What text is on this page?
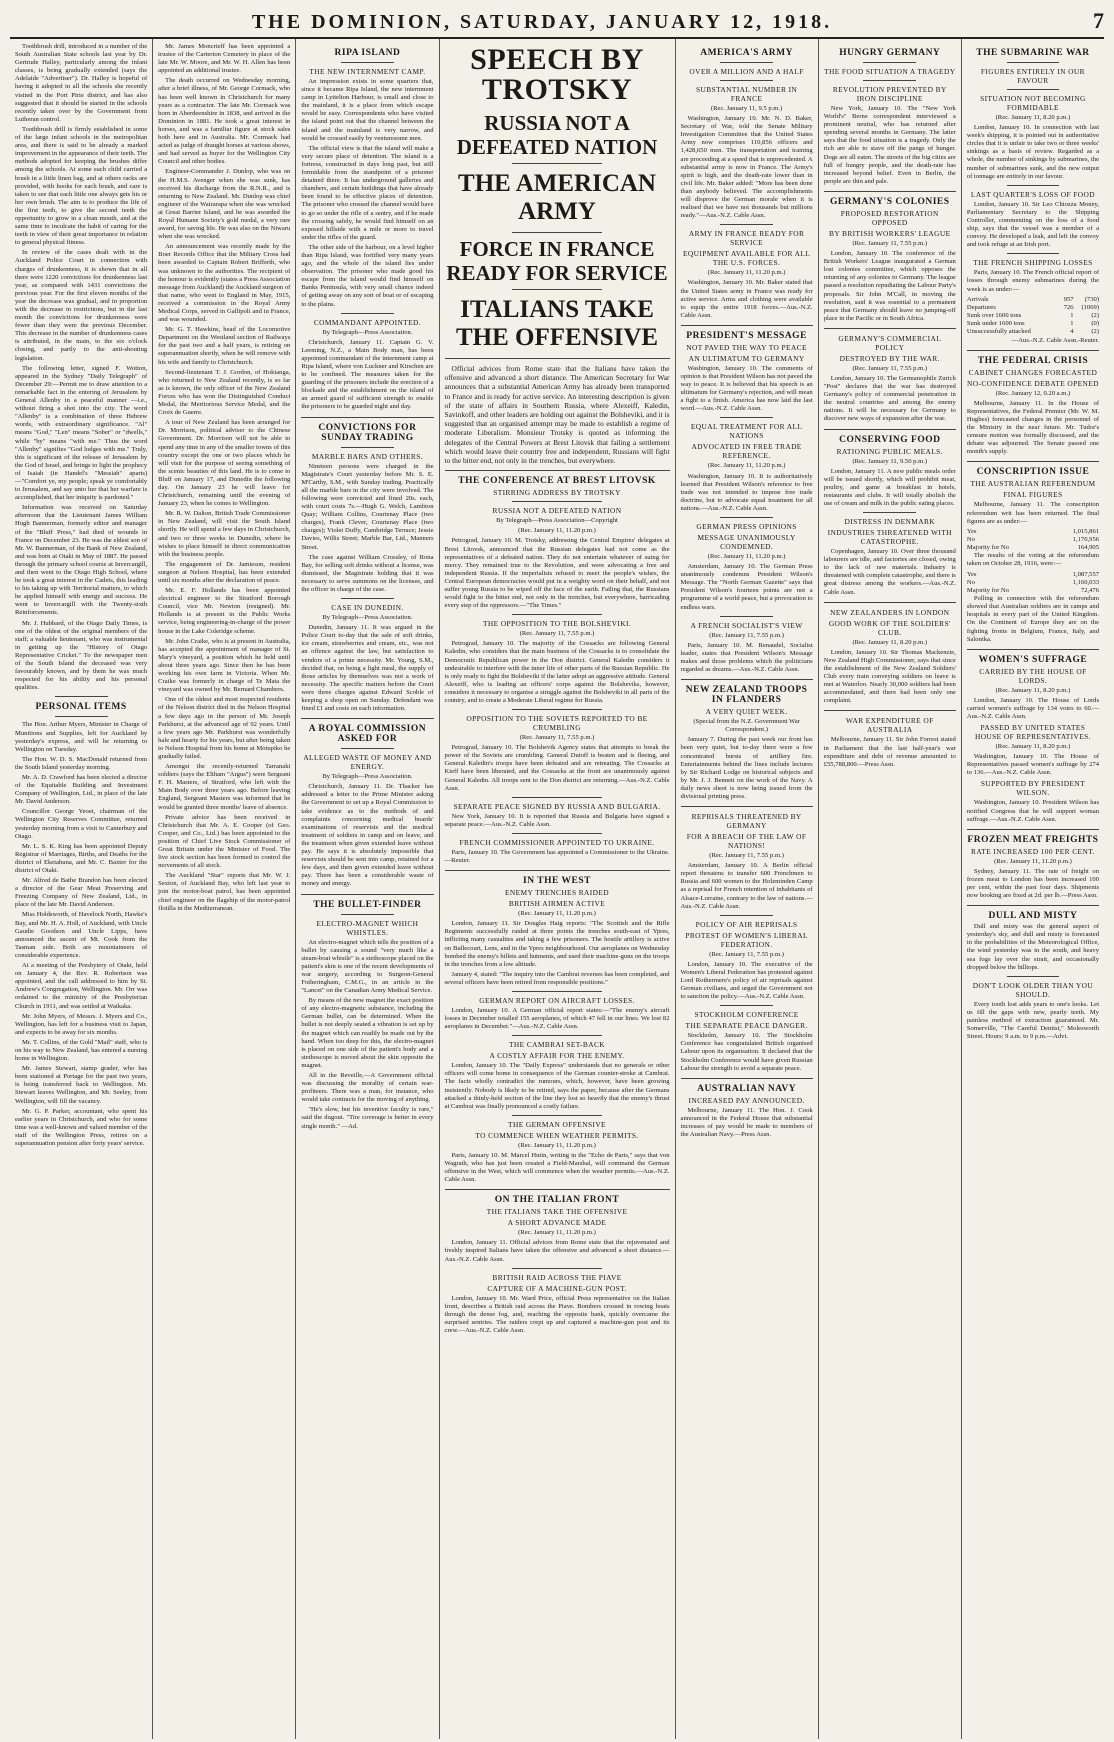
THE DOMINION, SATURDAY, JANUARY 12, 1918.	7

Toothbrush drill, introduced in a number of the South Australian State schools last year by Dr. Gertrude Halley, particularly among the infant classes, is being gradually extended (says the Adelaide "Advertiser"). Dr. Halley is hopeful of having it adopted in all the schools she recently visited in the Port Pirie district, and has also suggested that it should be started in the schools recently taken over by the Government from Lutheran control.

Toothbrush drill is firmly established in some of the large infant schools in the metropolitan area, and there is said to be already a marked improvement in the appearance of their teeth. The methods adopted for keeping the brushes differ among the schools. At some each child carried a brush in a little linen bag, and at others racks are provided, with hooks for each brush, and care is taken to see that each little one always gets his or her own brush. The aim is to produce the life of the first teeth, to give the second teeth the opportunity to grow in a clean mouth, and at the same time to inculcate the habit of caring for the teeth in view of their great importance in relation to general physical fitness.

In review of the cases dealt with in the Auckland Police Court in connection with charges of drunkenness, it is shown that in all there were 1220 convictions for drunkenness last year, as compared with 1431 convictions the previous year. For the first eleven months of the year the decrease was gradual, and in proportion with the decrease in restrictions, but in the last month the convictions for drunkenness were fewer than they were the previous December. This decrease in the number of drunkenness cases is attributed, in the main, to the six o'clock closing, and partly to the anti-shouting legislation.

The following letter, signed F. Wotton, appeared in the Sydney "Daily Telegraph" of December 29:—Permit me to draw attention to a remarkable fact in the entering of Jerusalem by General Allenby in a peaceful manner —i.e., without firing a shot into the city. The word "Allenby" is a combination of three Hebrew words, with extraordinary significance. "Al" means "God," "Len" means "Sober" or "dwells," while "by" means "with me." Thus the word "Allenby" signifies "God lodges with me." Truly, this is significant of the release of Jerusalem by the God of Israel, and brings to light the prophecy of Isaiah (in Handel's "Messiah" aparts)—"Comfort ye, my people; speak ye comfortably to Jerusalem, and say unto her that her warfare is accomplished, that her iniquity is pardoned."

Information was received on Saturday afternoon that the Lieutenant James William Hugh Bannerman, formerly editor and manager of the "Bluff Press," had died of wounds in France on December 23. He was the eldest son of Mr. W. Bannerman, of the Bank of New Zealand, and was born at Otaki in May of 1887. He passed through the primary school course at Invercargill, and then went to the Otago High School, where he took a great interest in the Cadets, this leading to his taking up with Territorial matters, to which he applied himself with energy and success. He went to Invercargill with the Twenty-sixth Reinforcements.

Mr. J. Hubbard, of the Otago Daily Times, is one of the oldest of the original members of the staff; a valuable lieutenant, who was instrumental in getting up the "History of Otago Representative Cricket." To the newspaper men of the South Island the deceased was very favourably known, and by them he was much respected for his ability and his personal qualities.

PERSONAL ITEMS

The Hon. Arthur Myers, Minister in Charge of Munitions and Supplies, left for Auckland by yesterday's express, and will be returning to Wellington on Tuesday.

The Hon. W. D. S. MacDonald returned from the South Island yesterday morning.

Mr. A. D. Crawford has been elected a director of the Equitable Building and Investment Company of Wellington, Ltd., in place of the late Mr. David Anderson.

Councillor George Yeoet, chairman of the Wellington City Reserves Committee, returned yesterday morning from a visit to Canterbury and Otago.

Mr. L. S. K. King has been appointed Deputy Registrar of Marriages, Births, and Deaths for the district of Eketahuna, and Mr. C. Baxter for the district of Otaki.

Mr. Alfred de Bathe Brandon has been elected a director of the Gear Meat Preserving and Freezing Company of New Zealand, Ltd., in place of the late Mr. David Anderson.

Miss Holdsworth, of Havelock North, Hawke's Bay, and Mr. H. A. Holl, of Auckland, with Uncle Gaudie Goodson and Uncle Lipps, have announced the ascent of Mt. Cook from the Tasman side. Both are mountaineers of considerable experience.

At a meeting of the Presbytery of Otaki, held on January 4, the Rev. R. Robertson was appointed, and the call addressed to him by St. Andrew's Congregation, Wellington. Mr. Orr was ordained to the ministry of the Presbyterian Church in 1911, and was settled at Waikaka.

Mr. John Myers, of Messrs. J. Myers and Co., Wellington, has left for a business visit to Japan, and expects to be away for six months.

Mr. T. Collins, of the Gold "Mail" staff, who is on his way to New Zealand, has entered a nursing home in Wellington.

Mr. James Stewart, stamp grader, who has been stationed at Portage for the past two years, is being transferred back to Wellington. Mr. Stewart leaves Wellington, and Mr. Seeley, from Wellington, will fill the vacancy.

Mr. G. P. Parker, accountant, who spent his earlier years in Christchurch, and who for some time was a well-known and valued member of the staff of the Wellington Press, retires on a superannuation pension after forty years' service.

Mr. James Moncrieff has been appointed a trustee of the Carterton Cemetery in place of the late Mr. W. Moore, and Mr. W. H. Allen has been appointed an additional trustee.

The death occurred on Wednesday morning, after a brief illness, of Mr. George Cormack, who has been well known in Christchurch for many years as a contractor. The late Mr. Cormack was born in Aberdeenshire in 1838, and arrived in the Dominion in 1881. He took a great interest in horses, and was a familiar figure at stock sales both here and in Australia. Mr. Cormack had acted as judge of draught horses at various shows, and had served as buyer for the Wellington City Council and other bodies.

Engineer-Commander J. Dunlop, who was on the H.M.S. Avenger when she was sunk, has received his discharge from the R.N.R., and is returning to New Zealand. Mr. Dunlop was chief engineer of the Wairarapa when she was wrecked at Great Barrier Island, and he was awarded the Royal Humane Society's gold medal, a very rare award, for saving life. He was also on the Niwaru when she was wrecked.

An announcement was recently made by the Boer Records Office that the Military Cross had been awarded to Captain Robert Brifferth, who was unknown to the authorities. The recipient of the honour is evidently (states a Press Association message from Auckland) the Auckland surgeon of that name, who went to England in May, 1915, received a commission in the Royal Army Medical Corps, served in Gallipoli and in France, and was wounded.

Mr. G. T. Hawkins, head of the Locomotive Department on the Westland section of Railways for the past two and a half years, is retiring on superannuation shortly, when he will remove with his wife and family to Christchurch.

Second-lieutenant T. J. Gordon, of Hokianga, who returned to New Zealand recently, is so far as is known, the only officer of the New Zealand Forces who has won the Distinguished Conduct Medal, the Meritorious Service Medal, and the Croix de Guerre.

A tour of New Zealand has been arranged for Dr. Morrison, political adviser to the Chinese Government. Dr. Morrison will not be able to spend any time in any of the smaller towns of this country except the one or two places which he will visit for the purpose of seeing something of the scenic beauties of this land. He is to come to Bluff on January 17, and Dunedin the following day. On January 23 he will leave for Christchurch, remaining until the evening of January 23, when he comes to Wellington.

Mr. R. W. Dalton, British Trade Commissioner in New Zealand, will visit the South Island shortly. He will spend a few days in Christchurch, and two or three weeks in Dunedin, where he wishes to place himself in direct communication with the business people.

The engagement of Dr. Jamieson, resident surgeon at Nelson Hospital, has been extended until six months after the declaration of peace.

Mr. E. F. Hollands has been appointed electrical engineer to the Stratford Borough Council, vice Mr. Newton (resigned). Mr. Hollands is at present in the Public Works service, being engineering-in-charge of the power house in the Lake Coleridge scheme.

Mr. John Craike, who is at present in Australia, has accepted the appointment of manager of St. Mary's vineyard, a position which he held until about three years ago. Since then he has been working his own farm in Victoria. When Mr. Craike was formerly in charge of Te Mata the vineyard was owned by Mr. Bernard Chambers.

One of the oldest and most respected residents of the Nelson district died in the Nelson Hospital a few days ago in the person of Mr. Joseph Parkhurst, at the advanced age of 92 years. Until a few years ago Mr. Parkhurst was wonderfully hale and hearty for his years, but after being taken to Nelson Hospital from his home at Motupiko he gradually failed.

Amongst the recently-returned Tarranaki soldiers (says the Eltham "Argus") were Sergeant F. H. Masters, of Stratford, who left with the Main Body over three years ago. Before leaving England, Sergeant Masters was informed that he would be granted three months' leave of absence.

Private advice has been received in Christchurch that Mr. A. E. Cooper (of Geo. Cooper, and Co., Ltd.) has been appointed to the position of Chief Live Stock Commissioner of Great Britain under the Minister of Food. The live stock section has been formed to control the movements of all stock.

The Auckland "Star" reports that Mr. W. J. Sexton, of Auckland Bay, who left last year to join the motor-boat patrol, has been appointed chief engineer on the flagship of the motor-patrol flotilla in the Mediterranean.

RIPA ISLAND
THE NEW INTERNMENT CAMP.

An impression exists in some quarters that, since it became Ripa Island, the new internment camp in Lyttelton Harbour, is small and close to the mainland, it is a place from which escape would be easy. Correspondents who have visited the island point out that the channel between the island and the mainland is very narrow, and would be crossed easily by venturesome men.

The official view is that the island will make a very secure place of detention. The island is a fortress, constructed in days long past, but still formidable from the standpoint of a prisoner detained there. It has underground galleries and chambers, and certain buildings that have already been found to be effective places of detention. The prisoner who crossed the channel would have to go so under the rifle of a sentry, and if he made the crossing safely, he would find himself on an exposed hillside with a mile or more to travel under the rifles of the guard.

The other side of the harbour, on a level higher than Ripa Island, was fortified very many years ago, and the whole of the island lies under observation. The prisoner who made good his escape from the island would find himself on Banks Peninsula, with very small chance indeed of getting away on any sort of boat or of escaping to the plains.

COMMANDANT APPOINTED.

By Telegraph—Press Association.

Christchurch, January 11. Captain G. V. Leeming, N.Z., a Main Body man, has been appointed commandant of the internment camp at Ripa Island, where von Luckner and Kirschen are to be confined. The measures taken for the guarding of the prisoners include the erection of a blockade and the establishment on the island of an armed guard of sufficient strength to enable the prisoners to be guarded night and day.

CONVICTIONS FOR SUNDAY TRADING
MARBLE BARS AND OTHERS.

Nineteen persons were charged in the Magistrate's Court yesterday before Mr. S. E. M'Carthy, S.M., with Sunday trading. Practically all the marble bars in the city were involved. The following were convicted and fined 20s. each, with court costs 7s.—Hugh G. Welch, Lambton Quay; William Collins, Courtenay Place (two charges), Frank Clever, Courtenay Place (two charges); Violet Duffy, Cambridge Terrace; Jessie Davies, Willis Street; Marble Bar, Ltd., Manners Street.

The case against William Crossley, of Rona Bay, for selling soft drinks without a license, was dismissed, the Magistrate holding that it was necessary to serve summons on the licensee, and the officer in charge of the case.

CASE IN DUNEDIN.

By Telegraph—Press Association.

Dunedin, January 11. It was argued in the Police Court to-day that the sale of soft drinks, ice cream, strawberries and cream, etc., was not an offence against the law, but satisfaction to vendors of a prime necessity. Mr. Young, S.M., decided that, on being a light meal, the supply of those articles by themselves was not a work of necessity. The specific matters before the Court were three charges against Edward Scoble of keeping a shop open on Sunday. Defendant was fined £1 and costs on each information.

A ROYAL COMMISSION ASKED FOR
ALLEGED WASTE OF MONEY AND ENERGY.

By Telegraph—Press Association.

Christchurch, January 11. Dr. Thacker has addressed a letter to the Prime Minister asking the Government to set up a Royal Commission to take evidence as to the methods of and complaints concerning medical boards' examinations of reservists and the medical treatment of soldiers in camp and on leave, and the treatment when given extended leave without pay. He says it is absolutely impossible that reservists should be sent into camp, retained for a few days, and then given extended leave without pay. There has been a considerable waste of money and energy.

THE BULLET-FINDER
ELECTRO-MAGNET WHICH WHISTLES.

An electro-magnet which tells the position of a bullet by causing a sound "very much like a steam-boat whistle" is a stethoscope placed on the patient's skin is one of the recent developments of war surgery, according to Surgeon-General Fotheringham, C.M.G., in an article in the "Lancet" on the Canadian Army Medical Service.

By means of the new magnet the exact position of any electro-magnetic substance, including the German bullet, can be determined. When the bullet is not deeply seated a vibration is set up by the magnet which can readily be made out by the hand. When too deep for this, the electro-magnet is placed on one side of the patient's body and a stethoscope is moved about the skin opposite the magnet.

All in the Reveille,—A Government official was discussing the morality of certain war-profiteers. There was a man, for instance, who would take contracts for the moving of anything.

"He's slow, but his inventive faculty is rare," said the dugout. "Tire coverage is better in every single month." —Ad.

SPEECH BY TROTSKY
RUSSIA NOT A DEFEATED NATION
THE AMERICAN ARMY
FORCE IN FRANCE READY FOR SERVICE
ITALIANS TAKE THE OFFENSIVE

Official advices from Rome state that the Italians have taken the offensive and advanced a short distance. The American Secretary for War announces that a substantial American Army has already been transported to France and is ready for active service. An interesting description is given of the state of affairs in Southern Russia, where Alexeiff, Kaledin, Savinkoff, and other leaders are holding out against the Bolsheviki, and it is suggested that an organised attempt may be made to establish a regime of moderate Liberalism. Monsieur Trotsky is quoted as informing the delegates of the Central Powers at Brest Litovsk that failing a settlement which would leave their country free and independent, Russians will fight to the bitter end, not only in the trenches, but everywhere.

THE CONFERENCE AT BREST LITOVSK
STIRRING ADDRESS BY TROTSKY
RUSSIA NOT A DEFEATED NATION

By Telegraph—Press Association—Copyright

(Rec. January 11, 11.20 p.m.)

Petrograd, January 10. M. Trotsky, addressing the Central Empires' delegates at Brest Litovsk, announced that the Russian delegates had not come as the representatives of a defeated nation. They do not entertain whatever of suing for mercy. They remained true to the Revolution, and were advocating a free and independent Russia. If the imperialists refused to meet the people's wishes, the Central European democracies would put in a weighty word on their behalf, and not suffer young Russia to be wiped off the face of the earth. Failing that, the Russians would fight to the bitter end, not only in the trenches, but everywhere, barricading every step of the oppressors.—"The Times."

THE OPPOSITION TO THE BOLSHEVIKI.

(Rec. January 11, 7.55 p.m.)

Petrograd, January 10. The majority of the Cossacks are following General Kaledin, who considers that the main business of the Cossacks is to consolidate the Democratic Republican power in the Don district. General Kaledin considers it undesirable to interfere with the inner life of other parts of the Russian Republic. He is only ready to fight the Bolsheviki if the latter adopt an aggressive attitude. General Alexeiff, who is leading an officers' corps against the Bolsheviks, however, considers it necessary to organise a struggle against the Bolsheviki in all parts of the country, and to create a Moderate Liberal regime for Russia.

OPPOSITION TO THE SOVIETS REPORTED TO BE CRUMBLING

(Rec. January 11, 7.55 p.m.)

Petrograd, January 10. The Bolshevik Agency states that attempts to break the power of the Soviets are crumbling. General Dutoff is beaten and is fleeing, and General Kaledin's troops have been defeated and are retreating. The Cossacks at Kieff have been liberated, and the Cossacks at the front are unanimously against General Kaledin. All troops sent to the Don district are returning.—Aus.-N.Z. Cable Assn.

SEPARATE PEACE SIGNED BY RUSSIA AND BULGARIA.

New York, January 10. It is reported that Russia and Bulgaria have signed a separate peace.—Aus.-N.Z. Cable Assn.

FRENCH COMMISSIONER APPOINTED TO UKRAINE.

Paris, January 10. The Government has appointed a Commissioner to the Ukraine.—Reuter.

IN THE WEST
ENEMY TRENCHES RAIDED
BRITISH AIRMEN ACTIVE

(Rec. January 11, 11.20 p.m.)

London, January 11. Sir Douglas Haig reports: "The Scottish and the Rifle Regiments successfully raided at three points the trenches south-east of Ypres, inflicting many casualties and taking a few prisoners. The hostile artillery is active on Bullecourt, Lens, and in the Ypres neighbourhood. Our aeroplanes on Wednesday bombed the enemy's billets and hutments, and used their machine-guns on the troops in the trenches from a low altitude.

January 4, stated: "The inquiry into the Cambrai reverses has been completed, and several officers have been retired from responsible positions."

GERMAN REPORT ON AIRCRAFT LOSSES.

London, January 10. A German official report states:—"The enemy's aircraft losses in December totalled 155 aeroplanes, of which 47 fell in our lines. We lost 82 aeroplanes in December."—Aus.-N.Z. Cable Assn.

THE CAMBRAI SET-BACK
A COSTLY AFFAIR FOR THE ENEMY.

London, January 10. The "Daily Express" understands that no generals or other officers will come home in consequence of the German counter-stroke at Cambrai. The facts wholly contradict the rumours, which, however, have been growing insistently. Nobody is likely to be retired, says the paper, because after the Germans attacked a thinly-held section of the line they lost so heavily that the enemy's thrust at Cambrai was finally pronounced a costly failure.

THE GERMAN OFFENSIVE
TO COMMENCE WHEN WEATHER PERMITS.

(Rec. January 11, 11.20 p.m.)

Paris, January 10. M. Marcel Hutin, writing in the "Echo de Paris," says that von Wagrath, who has just been created a Field-Marshal, will command the German offensive in the West, which will commence when the weather permits.—Aus.-N.Z. Cable Assn.

ON THE ITALIAN FRONT
THE ITALIANS TAKE THE OFFENSIVE
A SHORT ADVANCE MADE

(Rec. January 11, 11.20 p.m.)

London, January 11. Official advices from Rome state that the rejuvenated and freshly inspired Italians have taken the offensive and advanced a short distance.—Aus.-N.Z. Cable Assn.

BRITISH RAID ACROSS THE PIAVE
CAPTURE OF A MACHINE-GUN POST.

London, January 10. Mr. Ward Price, official Press representative on the Italian front, describes a British raid across the Piave. Bombers crossed in rowing boats through the dense fog, and, reaching the opposite bank, quickly overcame the surprised sentries. The raiders crept up and captured a machine-gun post and its crew.—Aus.-N.Z. Cable Assn.

AMERICA'S ARMY
OVER A MILLION AND A HALF
SUBSTANTIAL NUMBER IN FRANCE

(Rec. January 11, 9.5 p.m.)

Washington, January 10. Mr. N. D. Baker, Secretary of War, told the Senate Military Investigation Committee that the United States Army now comprises 110,856 officers and 1,428,650 men. The transportation and training are proceeding at a speed that is unprecedented. A substantial army is now in France. The Army's spirit is high, and the death-rate lower than in civil life. Mr. Baker added: "More has been done than anybody believed. The accomplishments will disprove the German morale when it is realised that we have not thousands but millions ready."—Aus.-N.Z. Cable Assn.

ARMY IN FRANCE READY FOR SERVICE
EQUIPMENT AVAILABLE FOR ALL THE U.S. FORCES.

(Rec. January 11, 11.20 p.m.)

Washington, January 10. Mr. Baker stated that the United States army in France was ready for active service. Arms and clothing were available to equip the entire 1918 forces.—Aus.-N.Z. Cable Assn.

PRESIDENT'S MESSAGE
NOT PAVED THE WAY TO PEACE
AN ULTIMATUM TO GERMANY

Washington, January 10. The comments of opinion is that President Wilson has not paved the way to peace. It is believed that his speech is an ultimatum for Germany's rejection, and will mean a fight to a finish. America has now laid the last word.—Aus.-N.Z. Cable Assn.

EQUAL TREATMENT FOR ALL NATIONS
ADVOCATED IN FREE TRADE REFERENCE.

(Rec. January 11, 11.20 p.m.)

Washington, January 10. It is authoritatively learned that President Wilson's reference to free trade was not intended to impose free trade doctrine, but to advocate equal treatment for all nations.—Aus.-N.Z. Cable Assn.

GERMAN PRESS OPINIONS
MESSAGE UNANIMOUSLY CONDEMNED.

(Rec. January 11, 11.20 p.m.)

Amsterdam, January 10. The German Press unanimously condemns President Wilson's Message. The "North German Gazette" says that President Wilson's fourteen points are not a programme of a world peace, but a provocation to endless wars.

A FRENCH SOCIALIST'S VIEW

(Rec. January 11, 7.55 p.m.)

Paris, January 10. M. Renaudel, Socialist leader, states that President Wilson's Message makes and those problems which the politicians regarded as dreams.—Aus.-N.Z. Cable Assn.

NEW ZEALAND TROOPS IN FLANDERS
A VERY QUIET WEEK.

(Special from the N.Z. Government War Correspondent.)

January 7. During the past week our front has been very quiet, but to-day there were a few concentrated bursts of artillery fire. Entertainments behind the lines include lectures by Sir Richard Lodge on historical subjects and by Mr. J. J. Bennett on the work of the Navy. A daily news sheet is now being issued from the divisional printing press.

REPRISALS THREATENED BY GERMANY
FOR A BREACH OF THE LAW OF NATIONS!

(Rec. January 11, 7.55 p.m.)

Amsterdam, January 10. A Berlin official report threatens to transfer 600 Frenchmen to Russia and 600 women to the Holzminden Camp as a reprisal for French retention of inhabitants of Alsace-Lorraine, contrary to the law of nations.—Aus.-N.Z. Cable Assn.

POLICY OF AIR REPRISALS
PROTEST OF WOMEN'S LIBERAL FEDERATION.

(Rec. January 11, 7.55 p.m.)

London, January 10. The executive of the Women's Liberal Federation has protested against Lord Rothermere's policy of air reprisals against German civilians, and urged the Government not to sanction the policy.—Aus.-N.Z. Cable Assn.

STOCKHOLM CONFERENCE
THE SEPARATE PEACE DANGER.

Stockholm, January 10. The Stockholm Conference has congratulated British organised Labour upon its organisation. It declared that the Stockholm Conference would have given Russian Labour the strength to avoid a separate peace.

AUSTRALIAN NAVY
INCREASED PAY ANNOUNCED.

Melbourne, January 11. The Hon. J. Cook announced in the Federal House that substantial increases of pay would be made to members of the Australian Navy.—Press Assn.

HUNGRY GERMANY
THE FOOD SITUATION A TRAGEDY
REVOLUTION PREVENTED BY IRON DISCIPLINE

New York, January 10. The "New York World's" Berne correspondent interviewed a prominent neutral, who has returned after spending several months in Germany. The latter says that the food situation is a tragedy. Only the rich are able to stave off the pangs of hunger. Dogs are all eaten. The streets of the big cities are full of hungry people, and the death-rate has increased beyond belief. Even in Berlin, the people are thin and pale.

GERMANY'S COLONIES
PROPOSED RESTORATION OPPOSED
BY BRITISH WORKERS' LEAGUE

(Rec. January 11, 7.55 p.m.)

London, January 10. The conference of the British Workers' League inaugurated a German lost colonies committee, which opposes the returning of any colonies to Germany. The league passed a resolution repudiating the Labour Party's proposals. Sir John M'Call, in moving the resolution, said it was essential to a permanent peace that Germany should leave no jumping-off place in the Pacific or in South Africa.

GERMANY'S COMMERCIAL POLICY
DESTROYED BY THE WAR.

(Rec. January 11, 7.55 p.m.)

London, January 10. The Germanophile Zurich "Post" declares that the war has destroyed Germany's policy of commercial penetration in the neutral countries and among the enemy nations. It will be necessary for Germany to discover new ways of expansion after the war.

CONSERVING FOOD
RATIONING PUBLIC MEALS.

(Rec. January 11, 9.50 p.m.)

London, January 11. A new public meals order will be issued shortly, which will prohibit meat, poultry, and game at breakfast in hotels, restaurants and clubs. It will totally abolish the use of cream and milk in the public eating places.

DISTRESS IN DENMARK
INDUSTRIES THREATENED WITH CATASTROPHE.

Copenhagen, January 10. Over three thousand labourers are idle, and factories are closed, owing to the lack of raw materials. Industry is threatened with complete catastrophe, and there is great distress among the workers.—Aus.-N.Z. Cable Assn.

NEW ZEALANDERS IN LONDON
GOOD WORK OF THE SOLDIERS' CLUB.

(Rec. January 11, 8.20 p.m.)

London, January 10. Sir Thomas Mackenzie, New Zealand High Commissioner, says that since the establishment of the New Zealand Soldiers' Club every train conveying soldiers on leave is met at Waterloo. Nearly 30,000 soldiers had been accommodated, and there had been only one complaint.

WAR EXPENDITURE OF AUSTRALIA

Melbourne, January 11. Sir John Forrest stated in Parliament that the last half-year's war expenditure and debt of revenue amounted to £55,788,800.—Press Assn.

THE SUBMARINE WAR
FIGURES ENTIRELY IN OUR FAVOUR
SITUATION NOT BECOMING FORMIDABLE

(Rec. January 11, 8.20 p.m.)

London, January 10. In connection with last week's shipping, it is pointed out in authoritative circles that it is unfair to take two or three weeks' sinkings as a basis of review. Regarded as a whole, the number of sinkings by submarines, the number of submarines sunk, and the new output of tonnage are entirely in our favour.

LAST QUARTER'S LOSS OF FOOD

London, January 10. Sir Leo Chiozza Money, Parliamentary Secretary to the Shipping Controller, commenting on the loss of a food ship, says that the vessel was a member of a convoy. He developed a leak, and left the convoy and took refuge at an Irish port.

THE FRENCH SHIPPING LOSSES

Paris, January 10. The French official report of losses through enemy submarines during the week is as under:—

Arrivals	957	(730)
Departures	726	(1069)
Sunk over 1600 tons	1	(2)
Sunk under 1600 tons	1	(0)
Unsuccessfully attacked	4	(2)

—Aus.-N.Z. Cable Assn.-Reuter.

THE FEDERAL CRISIS
CABINET CHANGES FORECASTED
NO-CONFIDENCE DEBATE OPENED

(Rec. January 12, 0.20 a.m.)

Melbourne, January 11. In the House of Representatives, the Federal Premier (Mr. W. M. Hughes) forecasted changes in the personnel of the Ministry in the near future. Mr. Tudor's censure motion was formally discussed, and the debate was adjourned. The Senate passed one month's supply.

CONSCRIPTION ISSUE
THE AUSTRALIAN REFERENDUM
FINAL FIGURES

Melbourne, January 11. The conscription referendum writ has been returned. The final figures are as under:—

Yes	1,015,861
No	1,170,956
Majority for No	164,905

The results of the voting at the referendum taken on October 28, 1916, were:—

Yes	1,087,557
No	1,160,033
Majority for No	72,476

Polling in connection with the referendum showed that Australian soldiers are in camps and hospitals in every part of the United Kingdom. On the Continent of Europe they are on the fighting fronts in Belgium, France, Italy, and Salonika.

WOMEN'S SUFFRAGE
CARRIED BY THE HOUSE OF LORDS.

(Rec. January 11, 8.20 p.m.)

London, January 10. The House of Lords carried women's suffrage by 134 votes to 60.—Aus.-N.Z. Cable Assn.

PASSED BY UNITED STATES HOUSE OF REPRESENTATIVES.

(Rec. January 11, 8.20 p.m.)

Washington, January 10. The House of Representatives passed women's suffrage by 274 to 136.—Aus.-N.Z. Cable Assn.

SUPPORTED BY PRESIDENT WILSON.

Washington, January 10. President Wilson has notified Congress that he will support woman suffrage.—Aus.-N.Z. Cable Assn.

FROZEN MEAT FREIGHTS
RATE INCREASED 100 PER CENT.

(Rec. January 11, 11.20 p.m.)

Sydney, January 11. The rate of freight on frozen meat to London has been increased 100 per cent, within the past four days. Shipments now booking are fixed at 2d. per lb.—Press Assn.

DULL AND MISTY

Dull and misty was the general aspect of yesterday's sky, and dull and misty is forecasted in the probabilities of the Meteorological Office, the wind yesterday was in the south, and heavy sea fogs lay over the strait, and occasionally dropped below the hilltops.

DON'T LOOK OLDER THAN YOU SHOULD.

Every tooth lost adds years to one's looks. Let us fill the gaps with new, pearly teeth. My painless method of extraction guaranteed. Mr. Somerville, "The Careful Dentist," Molesworth Street. Hours: 9 a.m. to 9 p.m.—Advt.
